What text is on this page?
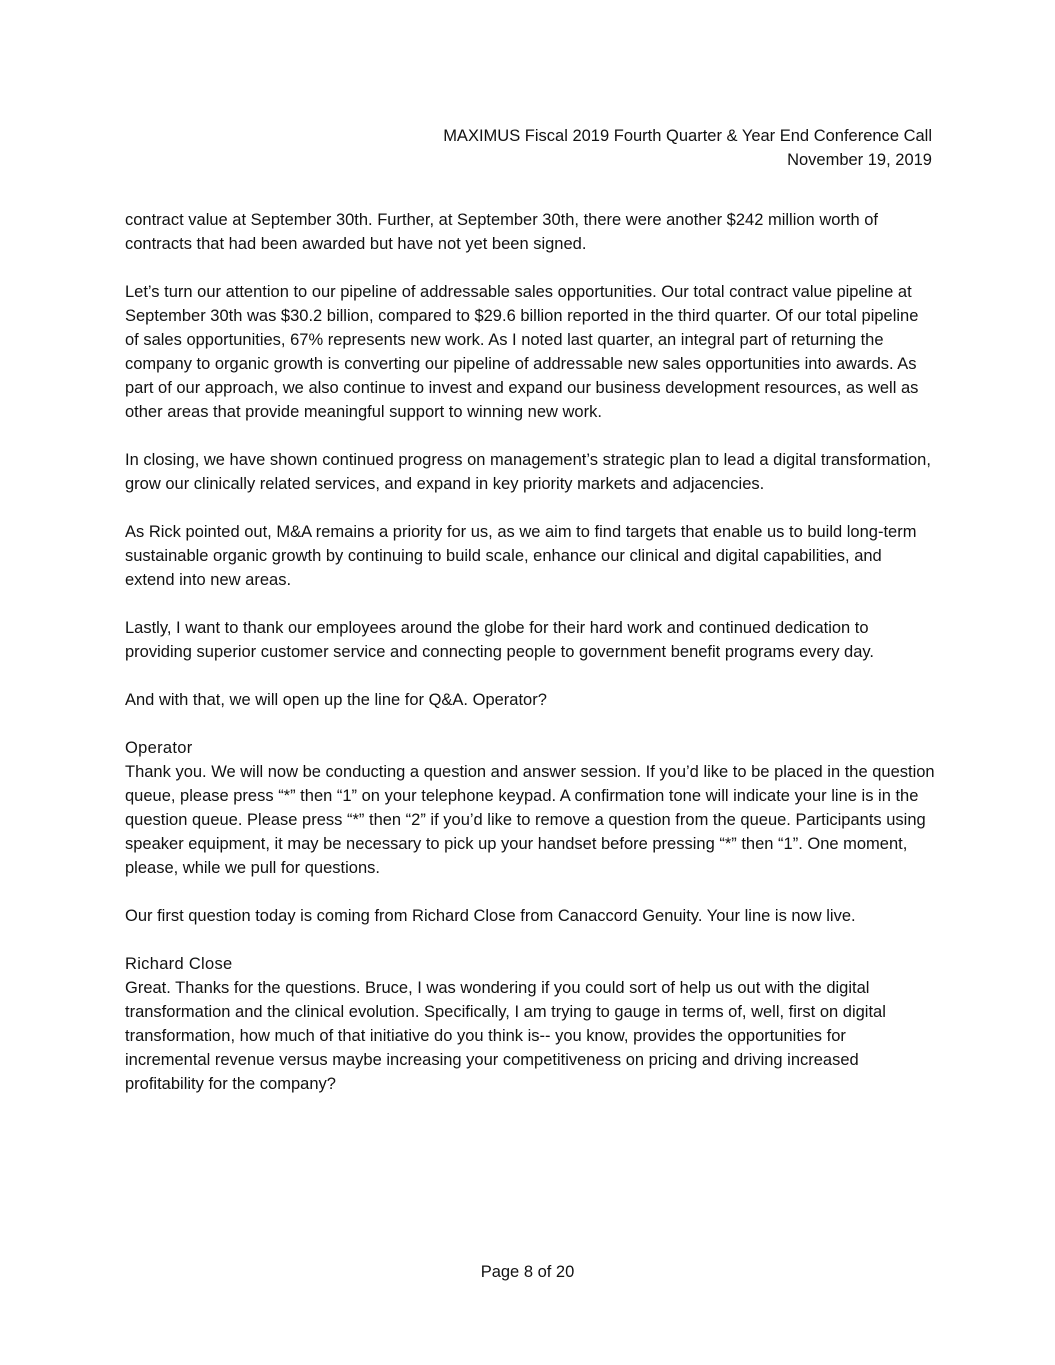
MAXIMUS Fiscal 2019 Fourth Quarter & Year End Conference Call
November 19, 2019

contract value at September 30th. Further, at September 30th, there were another $242 million worth of contracts that had been awarded but have not yet been signed.

Let’s turn our attention to our pipeline of addressable sales opportunities. Our total contract value pipeline at September 30th was $30.2 billion, compared to $29.6 billion reported in the third quarter. Of our total pipeline of sales opportunities, 67% represents new work. As I noted last quarter, an integral part of returning the company to organic growth is converting our pipeline of addressable new sales opportunities into awards. As part of our approach, we also continue to invest and expand our business development resources, as well as other areas that provide meaningful support to winning new work.

In closing, we have shown continued progress on management’s strategic plan to lead a digital transformation, grow our clinically related services, and expand in key priority markets and adjacencies.

As Rick pointed out, M&A remains a priority for us, as we aim to find targets that enable us to build long-term sustainable organic growth by continuing to build scale, enhance our clinical and digital capabilities, and extend into new areas.

Lastly, I want to thank our employees around the globe for their hard work and continued dedication to providing superior customer service and connecting people to government benefit programs every day.

And with that, we will open up the line for Q&A. Operator?

Operator
Thank you. We will now be conducting a question and answer session. If you’d like to be placed in the question queue, please press “*” then “1” on your telephone keypad. A confirmation tone will indicate your line is in the question queue. Please press “*” then “2” if you’d like to remove a question from the queue. Participants using speaker equipment, it may be necessary to pick up your handset before pressing “*” then “1”. One moment, please, while we pull for questions.

Our first question today is coming from Richard Close from Canaccord Genuity. Your line is now live.

Richard Close
Great. Thanks for the questions. Bruce, I was wondering if you could sort of help us out with the digital transformation and the clinical evolution. Specifically, I am trying to gauge in terms of, well, first on digital transformation, how much of that initiative do you think is-- you know, provides the opportunities for incremental revenue versus maybe increasing your competitiveness on pricing and driving increased profitability for the company?
Page 8 of 20
